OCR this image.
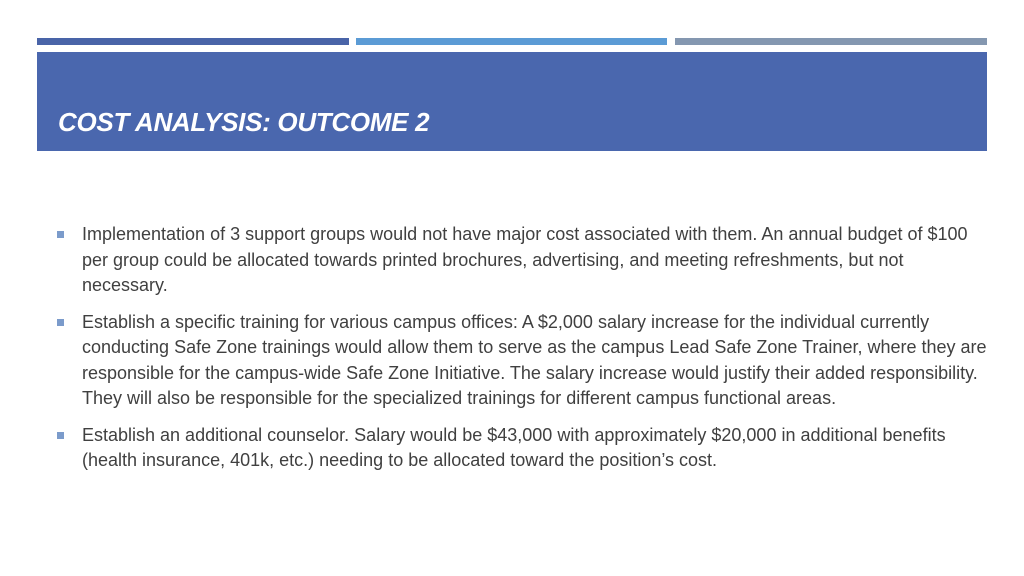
COST ANALYSIS: OUTCOME 2
Implementation of 3 support groups would not have major cost associated with them. An annual budget of $100 per group could be allocated towards printed brochures, advertising, and meeting refreshments, but not necessary.
Establish a specific training for various campus offices: A $2,000 salary increase for the individual currently conducting Safe Zone trainings would allow them to serve as the campus Lead Safe Zone Trainer, where they are responsible for the campus-wide Safe Zone Initiative. The salary increase would justify their added responsibility. They will also be responsible for the specialized trainings for different campus functional areas.
Establish an additional counselor. Salary would be $43,000 with approximately $20,000 in additional benefits (health insurance, 401k, etc.) needing to be allocated toward the position’s cost.
